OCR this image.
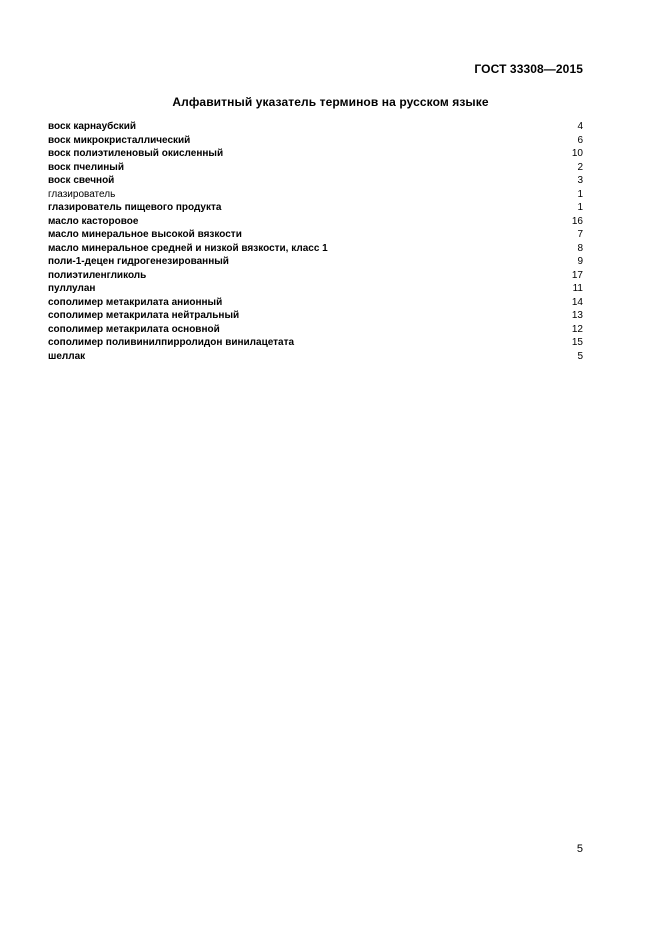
ГОСТ 33308—2015
Алфавитный указатель терминов на русском языке
воск карнаубский	4
воск микрокристаллический	6
воск полиэтиленовый окисленный	10
воск пчелиный	2
воск свечной	3
глазирователь	1
глазирователь пищевого продукта	1
масло касторовое	16
масло минеральное высокой вязкости	7
масло минеральное средней и низкой вязкости, класс 1	8
поли-1-децен гидрогенезированный	9
полиэтиленгликоль	17
пуллулан	11
сополимер метакрилата анионный	14
сополимер метакрилата нейтральный	13
сополимер метакрилата основной	12
сополимер поливинилпирролидон винилацетата	15
шеллак	5
5
